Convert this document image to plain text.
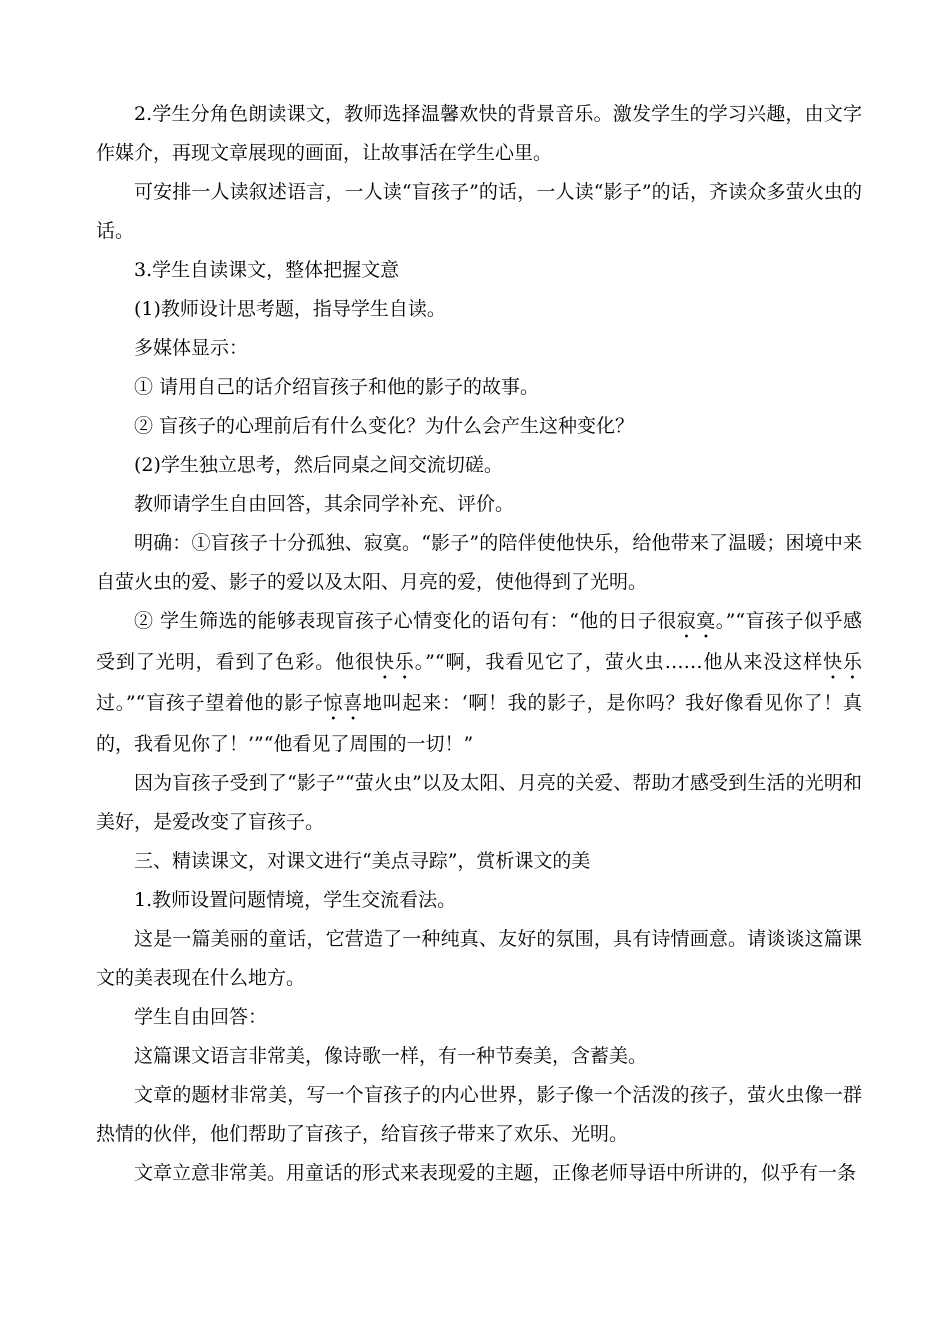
2.学生分角色朗读课文，教师选择温馨欢快的背景音乐。激发学生的学习兴趣，由文字作媒介，再现文章展现的画面，让故事活在学生心里。

可安排一人读叙述语言，一人读“盲孩子”的话，一人读“影子”的话，齐读众多萤火虫的话。

3.学生自读课文，整体把握文意

(1)教师设计思考题，指导学生自读。

多媒体显示：

① 请用自己的话介绍盲孩子和他的影子的故事。

② 盲孩子的心理前后有什么变化？为什么会产生这种变化？

(2)学生独立思考，然后同桌之间交流切磋。

教师请学生自由回答，其余同学补充、评价。

明确：①盲孩子十分孤独、寂寞。“影子”的陪伴使他快乐，给他带来了温暖；困境中来自萤火虫的爱、影子的爱以及太阳、月亮的爱，使他得到了光明。

② 学生筛选的能够表现盲孩子心情变化的语句有：“他的日子很寂寞。”“盲孩子似乎感受到了光明，看到了色彩。他很快乐。”“啊，我看见它了，萤火虫……他从来没这样快乐过。”“盲孩子望着他的影子惊喜地叫起来：‘啊！我的影子，是你吗？我好像看见你了！真的，我看见你了！’”“他看见了周围的一切！”

因为盲孩子受到了“影子”“萤火虫”以及太阳、月亮的关爱、帮助才感受到生活的光明和美好，是爱改变了盲孩子。

三、精读课文，对课文进行“美点寻踪”，赏析课文的美

1.教师设置问题情境，学生交流看法。

这是一篇美丽的童话，它营造了一种纯真、友好的氛围，具有诗情画意。请谈谈这篇课文的美表现在什么地方。

学生自由回答：

这篇课文语言非常美，像诗歌一样，有一种节奏美，含蓄美。

文章的题材非常美，写一个盲孩子的内心世界，影子像一个活泼的孩子，萤火虫像一群热情的伙伴，他们帮助了盲孩子，给盲孩子带来了欢乐、光明。

文章立意非常美。用童话的形式来表现爱的主题，正像老师导语中所讲的，似乎有一条
